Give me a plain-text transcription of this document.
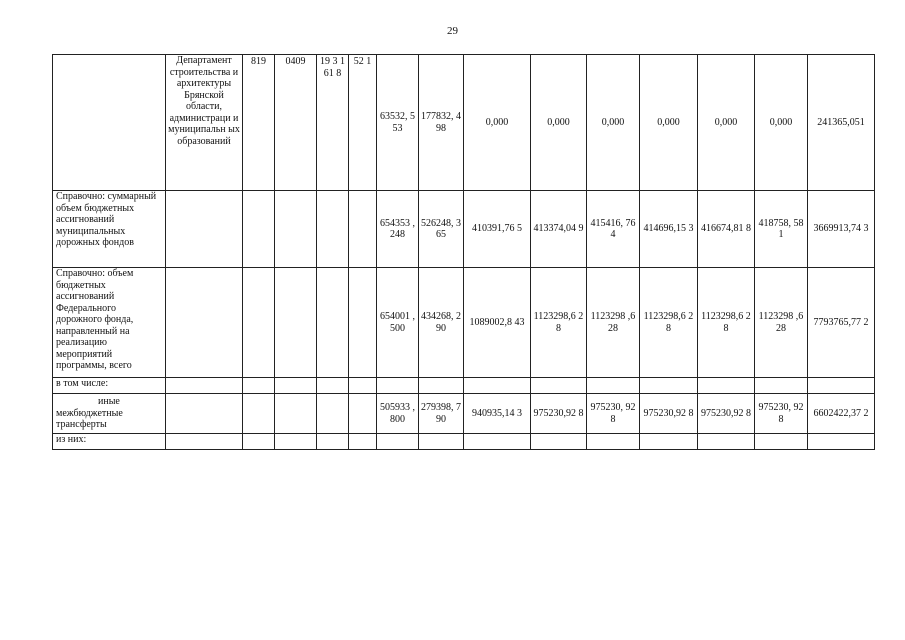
29
	Департамент строительства и архитектуры Брянской области, администраци и муниципальн ых образований	819	0409	19 3 161 8	52 1	63532, 553	177832, 498	0,000	0,000	0,000	0,000	0,000	0,000	241365,051
Справочно: суммарный объем бюджетных ассигнований муниципальных дорожных фондов						654353 ,248	526248, 365	410391,76 5	413374,04 9	415416, 764	414696,15 3	416674,81 8	418758, 581	3669913,74 3
Справочно: объем бюджетных ассигнований Федерального дорожного фонда, направленный на реализацию мероприятий программы, всего						654001 ,500	434268, 290	1089002,8 43	1123298,6 28	1123298 ,628	1123298,6 28	1123298,6 28	1123298 ,628	7793765,77 2
в том числе:														

иные
межбюджетные трансферты						505933 ,800	279398, 790	940935,14 3	975230,92 8	975230, 928	975230,92 8	975230,92 8	975230, 928	6602422,37 2
из них:														
